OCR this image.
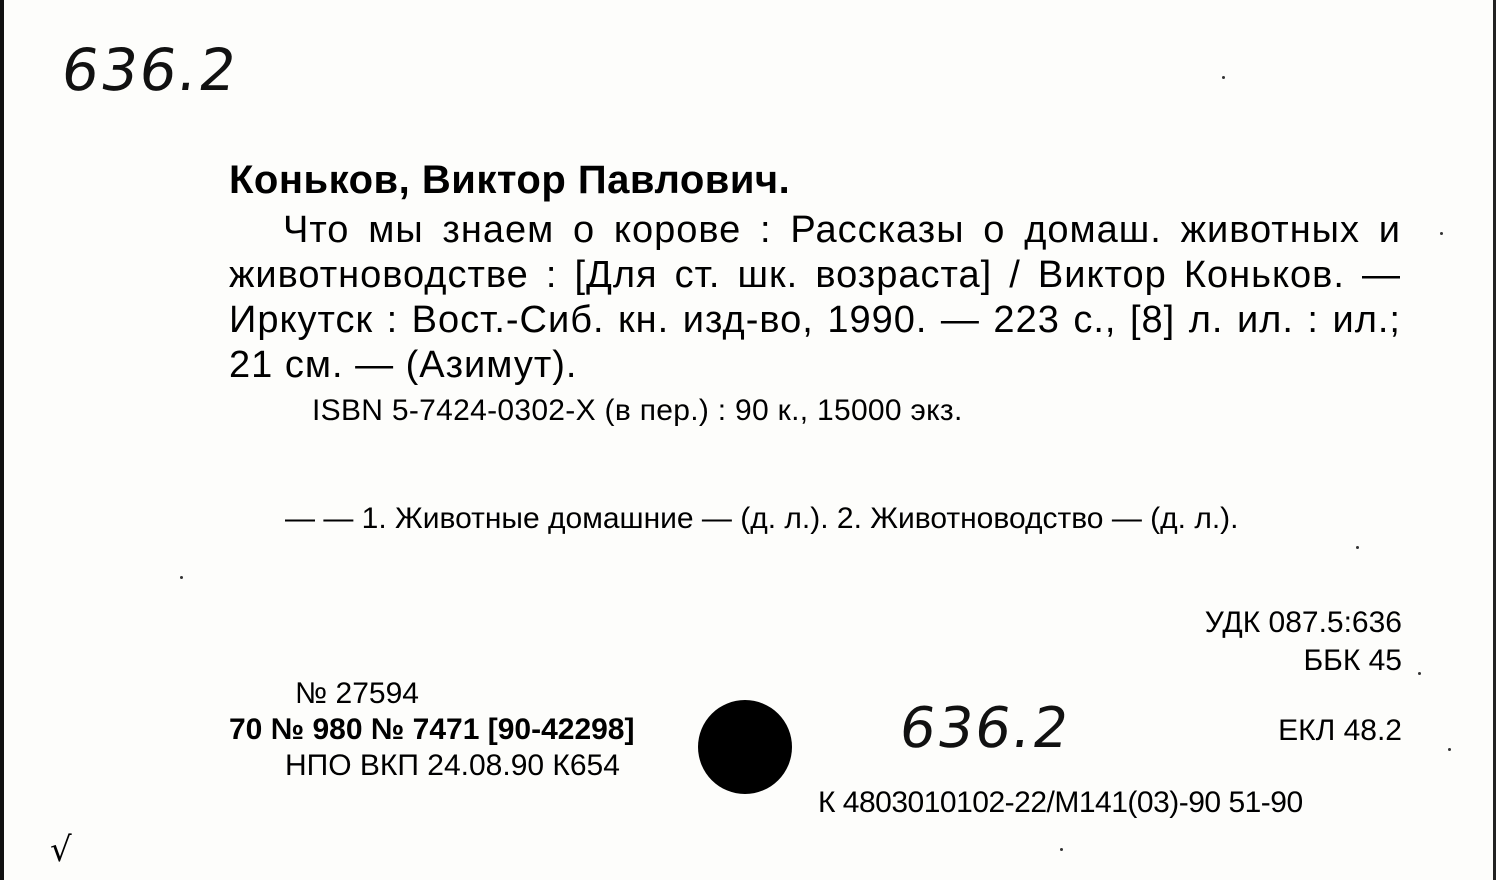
636.2
Коньков, Виктор Павлович.
Что мы знаем о корове : Рассказы о домаш. животных и животноводстве : [Для ст. шк. возраста] / Виктор Коньков. — Иркутск : Вост.-Сиб. кн. изд-во, 1990. — 223 с., [8] л. ил. : ил.; 21 см. — (Азимут).
ISBN 5-7424-0302-X (в пер.) : 90 к., 15000 экз.
— — 1. Животные домашние — (д. л.). 2. Животноводство — (д. л.).
УДК 087.5:636
ББК 45
№ 27594
70 № 980 № 7471 [90-42298]
НПО ВКП 24.08.90 К654
636.2	ЕКЛ 48.2
К 4803010102-22/М141(03)-90 51-90
√
